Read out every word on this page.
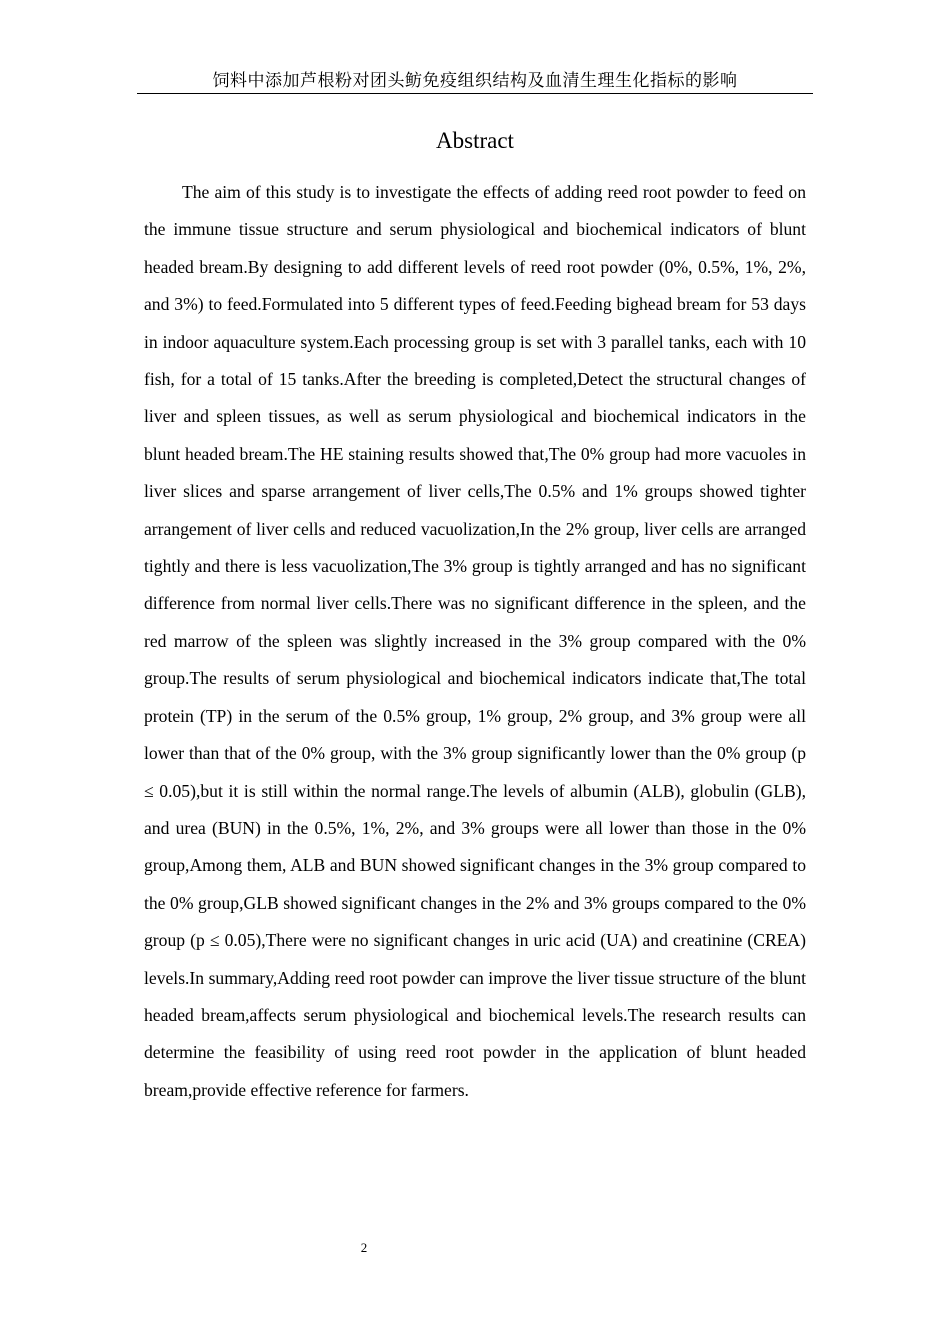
饲料中添加芦根粉对团头鲂免疫组织结构及血清生理生化指标的影响
Abstract

The aim of this study is to investigate the effects of adding reed root powder to feed on the immune tissue structure and serum physiological and biochemical indicators of blunt headed bream.By designing to add different levels of reed root powder (0%, 0.5%, 1%, 2%, and 3%) to feed.Formulated into 5 different types of feed.Feeding bighead bream for 53 days in indoor aquaculture system.Each processing group is set with 3 parallel tanks, each with 10 fish, for a total of 15 tanks.After the breeding is completed,Detect the structural changes of liver and spleen tissues, as well as serum physiological and biochemical indicators in the blunt headed bream.The HE staining results showed that,The 0% group had more vacuoles in liver slices and sparse arrangement of liver cells,The 0.5% and 1% groups showed tighter arrangement of liver cells and reduced vacuolization,In the 2% group, liver cells are arranged tightly and there is less vacuolization,The 3% group is tightly arranged and has no significant difference from normal liver cells.There was no significant difference in the spleen, and the red marrow of the spleen was slightly increased in the 3% group compared with the 0% group.The results of serum physiological and biochemical indicators indicate that,The total protein (TP) in the serum of the 0.5% group, 1% group, 2% group, and 3% group were all lower than that of the 0% group, with the 3% group significantly lower than the 0% group (p ≤ 0.05),but it is still within the normal range.The levels of albumin (ALB), globulin (GLB), and urea (BUN) in the 0.5%, 1%, 2%, and 3% groups were all lower than those in the 0% group,Among them, ALB and BUN showed significant changes in the 3% group compared to the 0% group,GLB showed significant changes in the 2% and 3% groups compared to the 0% group (p ≤ 0.05),There were no significant changes in uric acid (UA) and creatinine (CREA) levels.In summary,Adding reed root powder can improve the liver tissue structure of the blunt headed bream,affects serum physiological and biochemical levels.The research results can determine the feasibility of using reed root powder in the application of blunt headed bream,provide effective reference for farmers.

2
